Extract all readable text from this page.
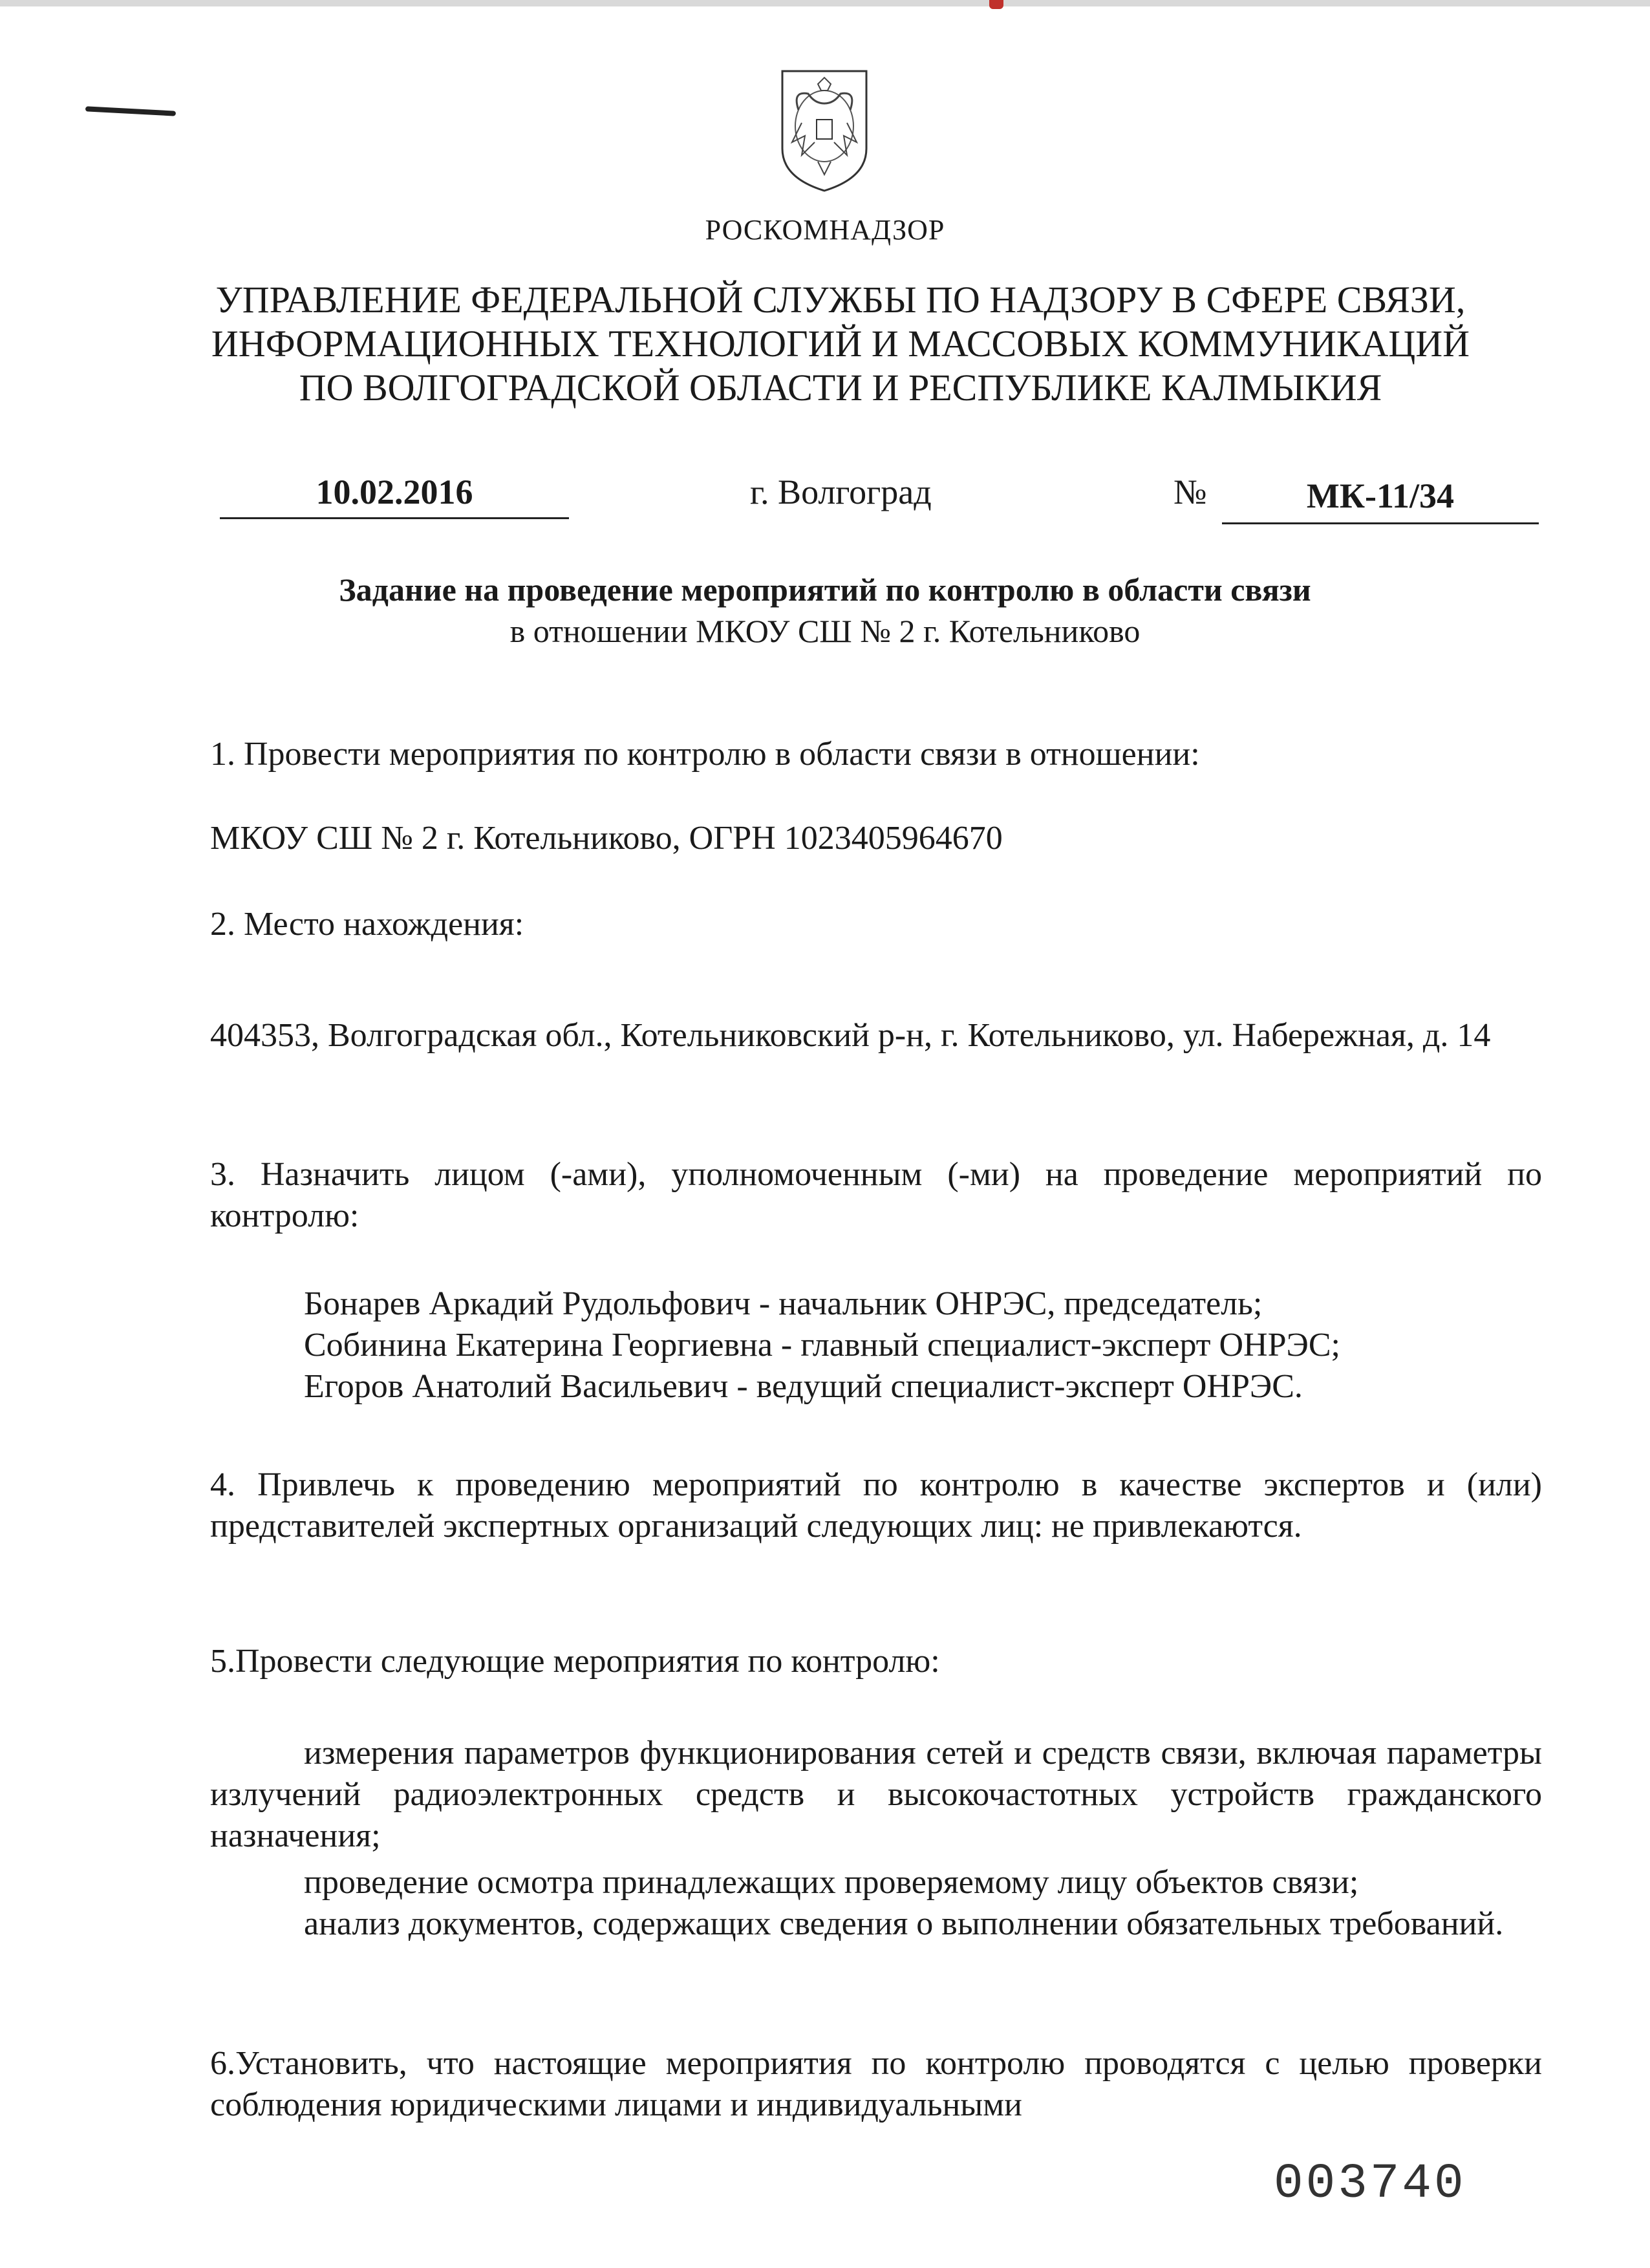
РОСКОМНАДЗОР
УПРАВЛЕНИЕ ФЕДЕРАЛЬНОЙ СЛУЖБЫ ПО НАДЗОРУ В СФЕРЕ СВЯЗИ,
ИНФОРМАЦИОННЫХ ТЕХНОЛОГИЙ И МАССОВЫХ КОММУНИКАЦИЙ
ПО ВОЛГОГРАДСКОЙ ОБЛАСТИ И РЕСПУБЛИКЕ КАЛМЫКИЯ
10.02.2016	г. Волгоград	№	МК-11/34
Задание на проведение мероприятий по контролю в области связи
в отношении МКОУ СШ № 2 г. Котельниково
1. Провести мероприятия по контролю в области связи в отношении:
МКОУ СШ № 2 г. Котельниково, ОГРН 1023405964670
2. Место нахождения:
404353, Волгоградская обл., Котельниковский р-н, г. Котельниково, ул. Набережная, д. 14
3. Назначить лицом (-ами), уполномоченным (-ми) на проведение мероприятий по контролю:
Бонарев Аркадий Рудольфович - начальник ОНРЭС, председатель;
Собинина Екатерина Георгиевна - главный специалист-эксперт ОНРЭС;
Егоров Анатолий Васильевич - ведущий специалист-эксперт ОНРЭС.
4. Привлечь к проведению мероприятий по контролю в качестве экспертов и (или) представителей экспертных организаций следующих лиц: не привлекаются.
5.Провести следующие мероприятия по контролю:
измерения параметров функционирования сетей и средств связи, включая параметры излучений радиоэлектронных средств и высокочастотных устройств гражданского назначения;
проведение осмотра принадлежащих проверяемому лицу объектов связи;
анализ документов, содержащих сведения о выполнении обязательных требований.
6.Установить, что настоящие мероприятия по контролю проводятся с целью проверки соблюдения юридическими лицами и индивидуальными
003740
